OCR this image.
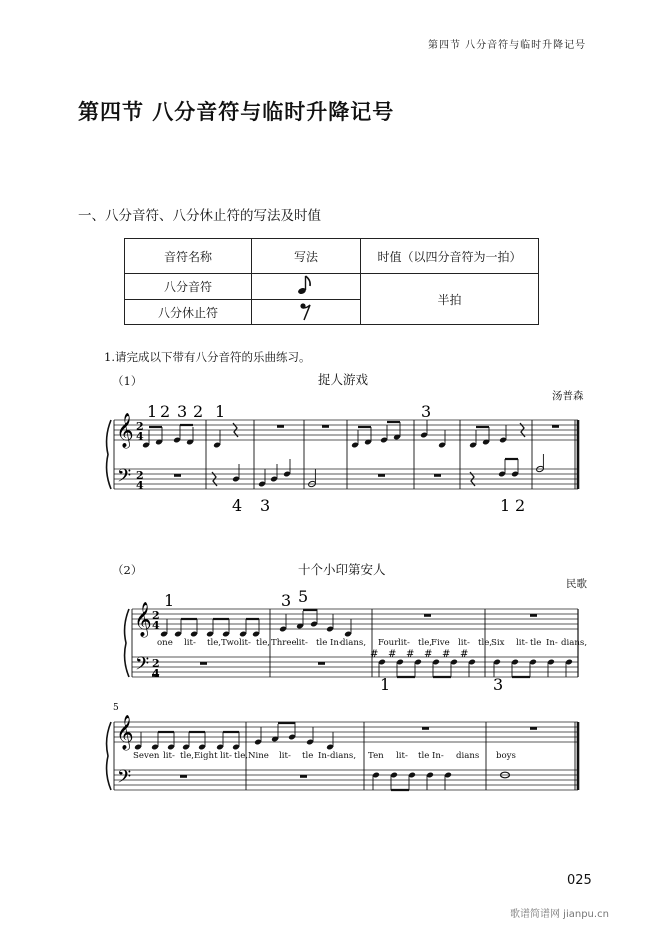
第四节 八分音符与临时升降记号
第四节 八分音符与临时升降记号
一、八分音符、八分休止符的写法及时值
音符名称	写法	时值（以四分音符为一拍）
八分音符		半拍
八分休止符	
1.请完成以下带有八分音符的乐曲练习。
（1）	捉人游戏
汤普森
（2）	十个小印第安人
民歌
𝄞
𝄢
2
4
2
4
1 2 3 2 1	3
4 3	1 2
𝄞
𝄢
2
4
2
4
1	3 5
# # # # # #
1	3
one lit- tle,Two lit- tle, Three lit- tle In-
dians, Four lit- tle,
Five lit- tle,
Six lit- tle In- dians,
𝄞
𝄢
5
Seven lit- tle,Eight lit- tle, Nine lit- tle In- dians, Ten lit- tle In- dians boys
025
歌谱简谱网 jianpu.cn
